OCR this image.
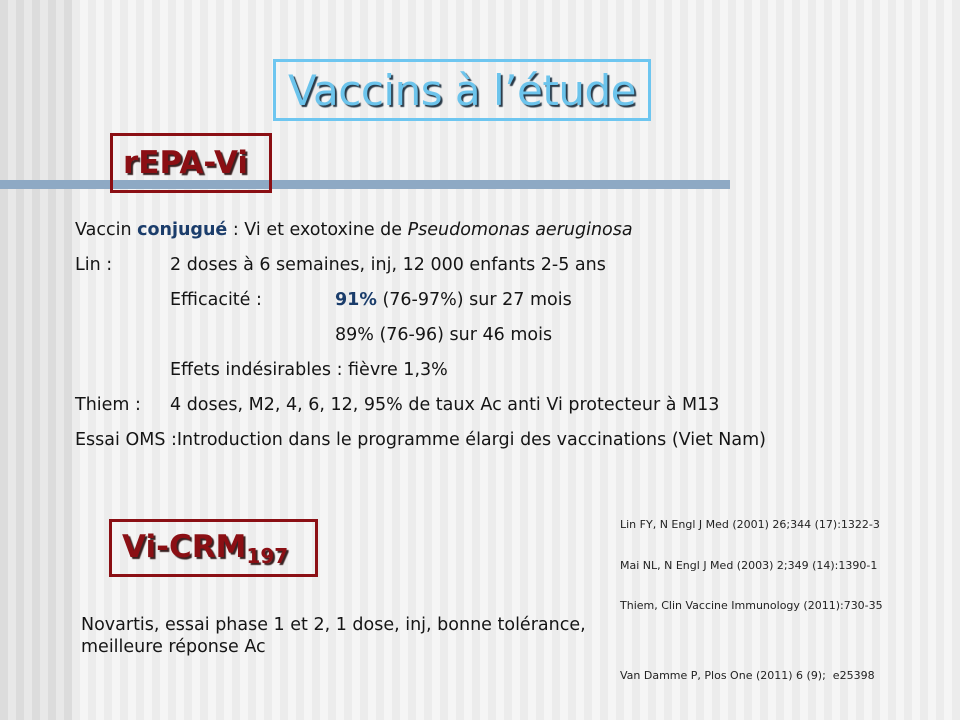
Vaccins à l’étude
rEPA-Vi
Vaccin conjugué : Vi et exotoxine de Pseudomonas aeruginosa
Lin :	2 doses à 6 semaines, inj, 12 000 enfants 2-5 ans
Efficacité :	91% (76-97%) sur 27 mois
89% (76-96) sur 46 mois
Effets indésirables : fièvre 1,3%
Thiem : 4 doses, M2, 4, 6, 12, 95% de taux Ac anti Vi protecteur à M13
Essai OMS :Introduction dans le programme élargi des vaccinations (Viet Nam)

Lin FY, N Engl J Med (2001) 26;344 (17):1322-3

Mai NL, N Engl J Med (2003) 2;349 (14):1390-1

Thiem, Clin Vaccine Immunology (2011):730-35

$Vi-CRM_{197}$
Novartis, essai phase 1 et 2, 1 dose, inj, bonne tolérance,
meilleure réponse Ac
Van Damme P, Plos One (2011) 6 (9);  e25398
